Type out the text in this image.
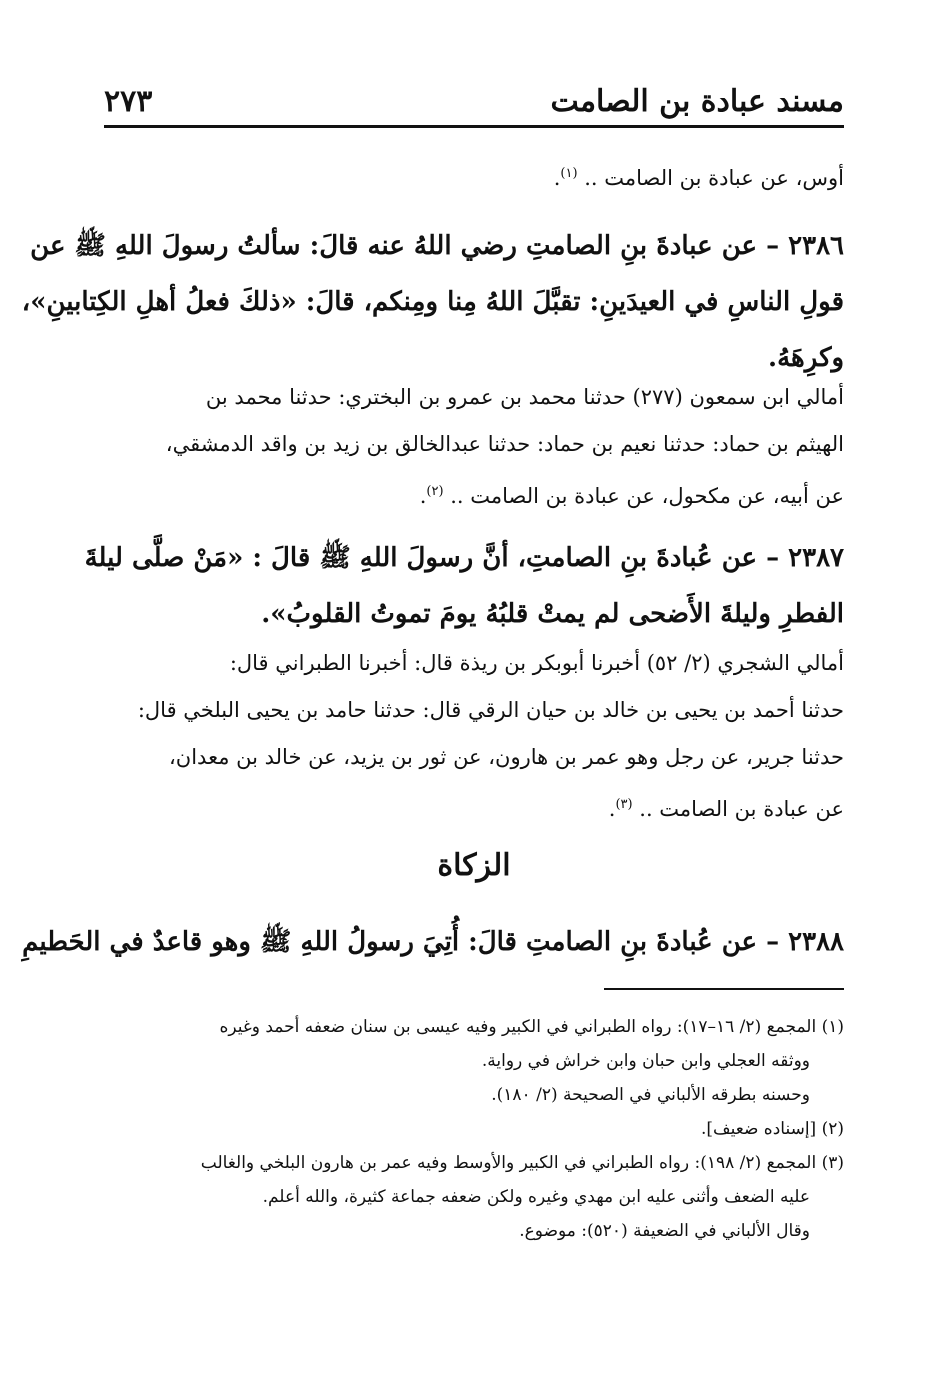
مسند عبادة بن الصامت
٢٧٣
أوس، عن عبادة بن الصامت .. $^{(١)}$.
٢٣٨٦ – عن عبادةَ بنِ الصامتِ رضي اللهُ عنه قالَ: سألتُ رسولَ اللهِ ﷺ عن
قولِ الناسِ في العيدَينِ: تقبَّلَ اللهُ مِنا ومِنكم، قالَ: «ذلكَ فعلُ أهلِ الكِتابينِ»،
وكرِهَهُ.
أمالي ابن سمعون (٢٧٧) حدثنا محمد بن عمرو بن البختري: حدثنا محمد بن
الهيثم بن حماد: حدثنا نعيم بن حماد: حدثنا عبدالخالق بن زيد بن واقد الدمشقي،
عن أبيه، عن مكحول، عن عبادة بن الصامت .. $^{(٢)}$.
٢٣٨٧ – عن عُبادةَ بنِ الصامتِ، أنَّ رسولَ اللهِ ﷺ قالَ : «مَنْ صلَّى ليلةَ
الفطرِ وليلةَ الأَضحى لم يمتْ قلبُهُ يومَ تموتُ القلوبُ».
أمالي الشجري (٢/ ٥٢) أخبرنا أبوبكر بن ريذة قال: أخبرنا الطبراني قال:
حدثنا أحمد بن يحيى بن خالد بن حيان الرقي قال: حدثنا حامد بن يحيى البلخي قال:
حدثنا جرير، عن رجل وهو عمر بن هارون، عن ثور بن يزيد، عن خالد بن معدان،
عن عبادة بن الصامت .. $^{(٣)}$.
الزكاة
٢٣٨٨ – عن عُبادةَ بنِ الصامتِ قالَ: أُتِيَ رسولُ اللهِ ﷺ وهو قاعدٌ في الحَطيمِ
(١) المجمع (٢/ ١٦–١٧): رواه الطبراني في الكبير وفيه عيسى بن سنان ضعفه أحمد وغيره
ووثقه العجلي وابن حبان وابن خراش في رواية.
وحسنه بطرقه الألباني في الصحيحة (٢/ ١٨٠).
(٢) [إسناده ضعيف].
(٣) المجمع (٢/ ١٩٨): رواه الطبراني في الكبير والأوسط وفيه عمر بن هارون البلخي والغالب
عليه الضعف وأثنى عليه ابن مهدي وغيره ولكن ضعفه جماعة كثيرة، والله أعلم.
وقال الألباني في الضعيفة (٥٢٠): موضوع.
